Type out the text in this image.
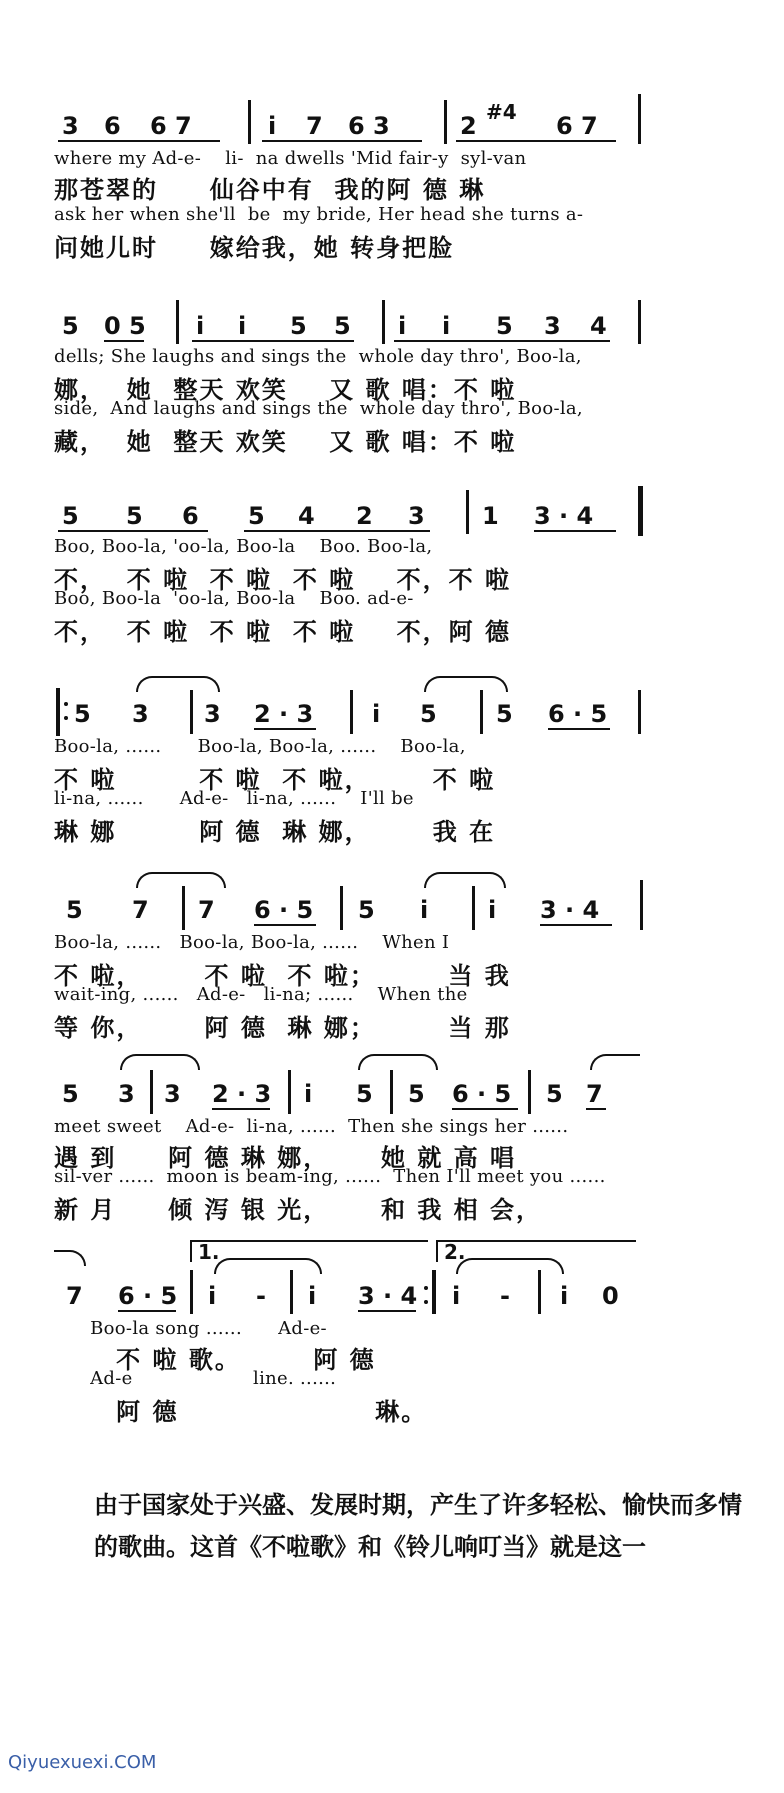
3 6 6 7	i 7 6 3	2 #4 6 7
where my Ad-e-    li-  na dwells 'Mid fair-y  syl-van
那苍翠的     仙谷中有  我的阿 德 琳
ask her when she'll  be  my bride, Her head she turns a-
问她儿时     嫁给我，她 转身把脸
5 0 5 i i 5 5 i i 5 3 4
dells; She laughs and sings the  whole day thro', Boo-la,
娜，  她  整天 欢笑    又 歌 唱：不 啦
side,  And laughs and sings the  whole day thro', Boo-la,
藏，  她  整天 欢笑    又 歌 唱：不 啦
5 5 6 5 4 2 3 1 3 · 4
Boo, Boo-la, 'oo-la, Boo-la    Boo. Boo-la,
不，  不 啦  不 啦  不 啦    不，不 啦
Boo, Boo-la  'oo-la, Boo-la    Boo. ad-e-
不，  不 啦  不 啦  不 啦    不，阿 德
5 3 3 2 · 3 i 5 5 6 · 5
Boo-la, ......      Boo-la, Boo-la, ......    Boo-la,
不 啦        不 啦  不 啦，      不 啦
li-na, ......      Ad-e-   li-na, ......    I'll be
琳 娜        阿 德  琳 娜，      我 在
5 7 7 6 · 5 5 i i 3 · 4
Boo-la, ......   Boo-la, Boo-la, ......    When I
不 啦，      不 啦  不 啦；       当 我
wait-ing, ......   Ad-e-   li-na; ......    When the
等 你，      阿 德  琳 娜；       当 那
5 3 3 2 · 3 i 5 5 6 · 5 5 7
meet sweet    Ad-e-  li-na, ......  Then she sings her ......
遇 到     阿 德 琳 娜，     她 就 高 唱
sil-ver ......  moon is beam-ing, ......  Then I'll meet you ......
新 月     倾 泻 银 光，     和 我 相 会，
7 6 · 5
1.
i - i 3 · 4
2.
i - i 0
Boo-la song ......      Ad-e-
不 啦 歌。       阿 德
Ad-e                    line. ......
阿 德                   琳。
由于国家处于兴盛、发展时期，产生了许多轻松、愉快而多情的歌曲。这首《不啦歌》和《铃儿响叮当》就是这一
Qiyuexuexi.COM
